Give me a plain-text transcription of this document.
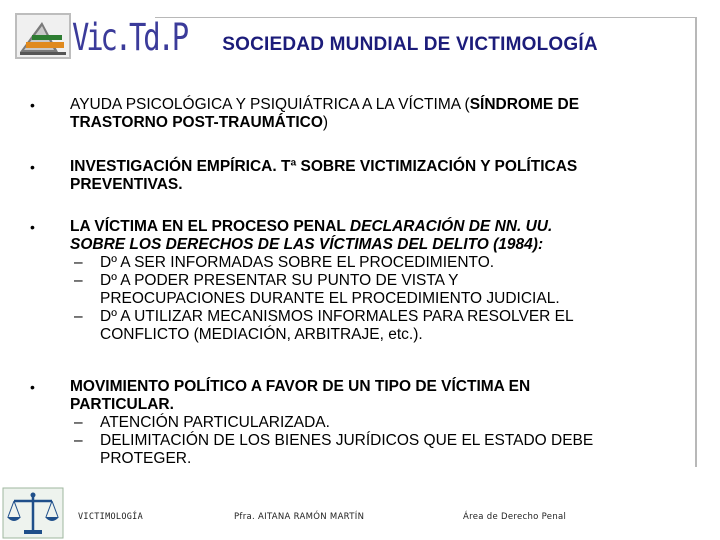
Vic.Td.P	SOCIEDAD MUNDIAL DE VICTIMOLOGÍA
• AYUDA PSICOLÓGICA Y PSIQUIÁTRICA A LA VÍCTIMA (SÍNDROME DE
TRASTORNO POST-TRAUMÁTICO)
• INVESTIGACIÓN EMPÍRICA. Tª SOBRE VICTIMIZACIÓN Y POLÍTICAS
PREVENTIVAS.
• LA VÍCTIMA EN EL PROCESO PENAL DECLARACIÓN DE NN. UU.
SOBRE LOS DERECHOS DE LAS VÍCTIMAS DEL DELITO (1984):
– Dº A SER INFORMADAS SOBRE EL PROCEDIMIENTO.
– Dº A PODER PRESENTAR SU PUNTO DE VISTA Y
PREOCUPACIONES DURANTE EL PROCEDIMIENTO JUDICIAL.
– Dº A UTILIZAR MECANISMOS INFORMALES PARA RESOLVER EL
CONFLICTO (MEDIACIÓN, ARBITRAJE, etc.).
• MOVIMIENTO POLÍTICO A FAVOR DE UN TIPO DE VÍCTIMA EN
PARTICULAR.
– ATENCIÓN PARTICULARIZADA.
– DELIMITACIÓN DE LOS BIENES JURÍDICOS QUE EL ESTADO DEBE
PROTEGER.
VICTIMOLOGÍA	Pfra. AITANA RAMÓN MARTÍN	Área de Derecho Penal
